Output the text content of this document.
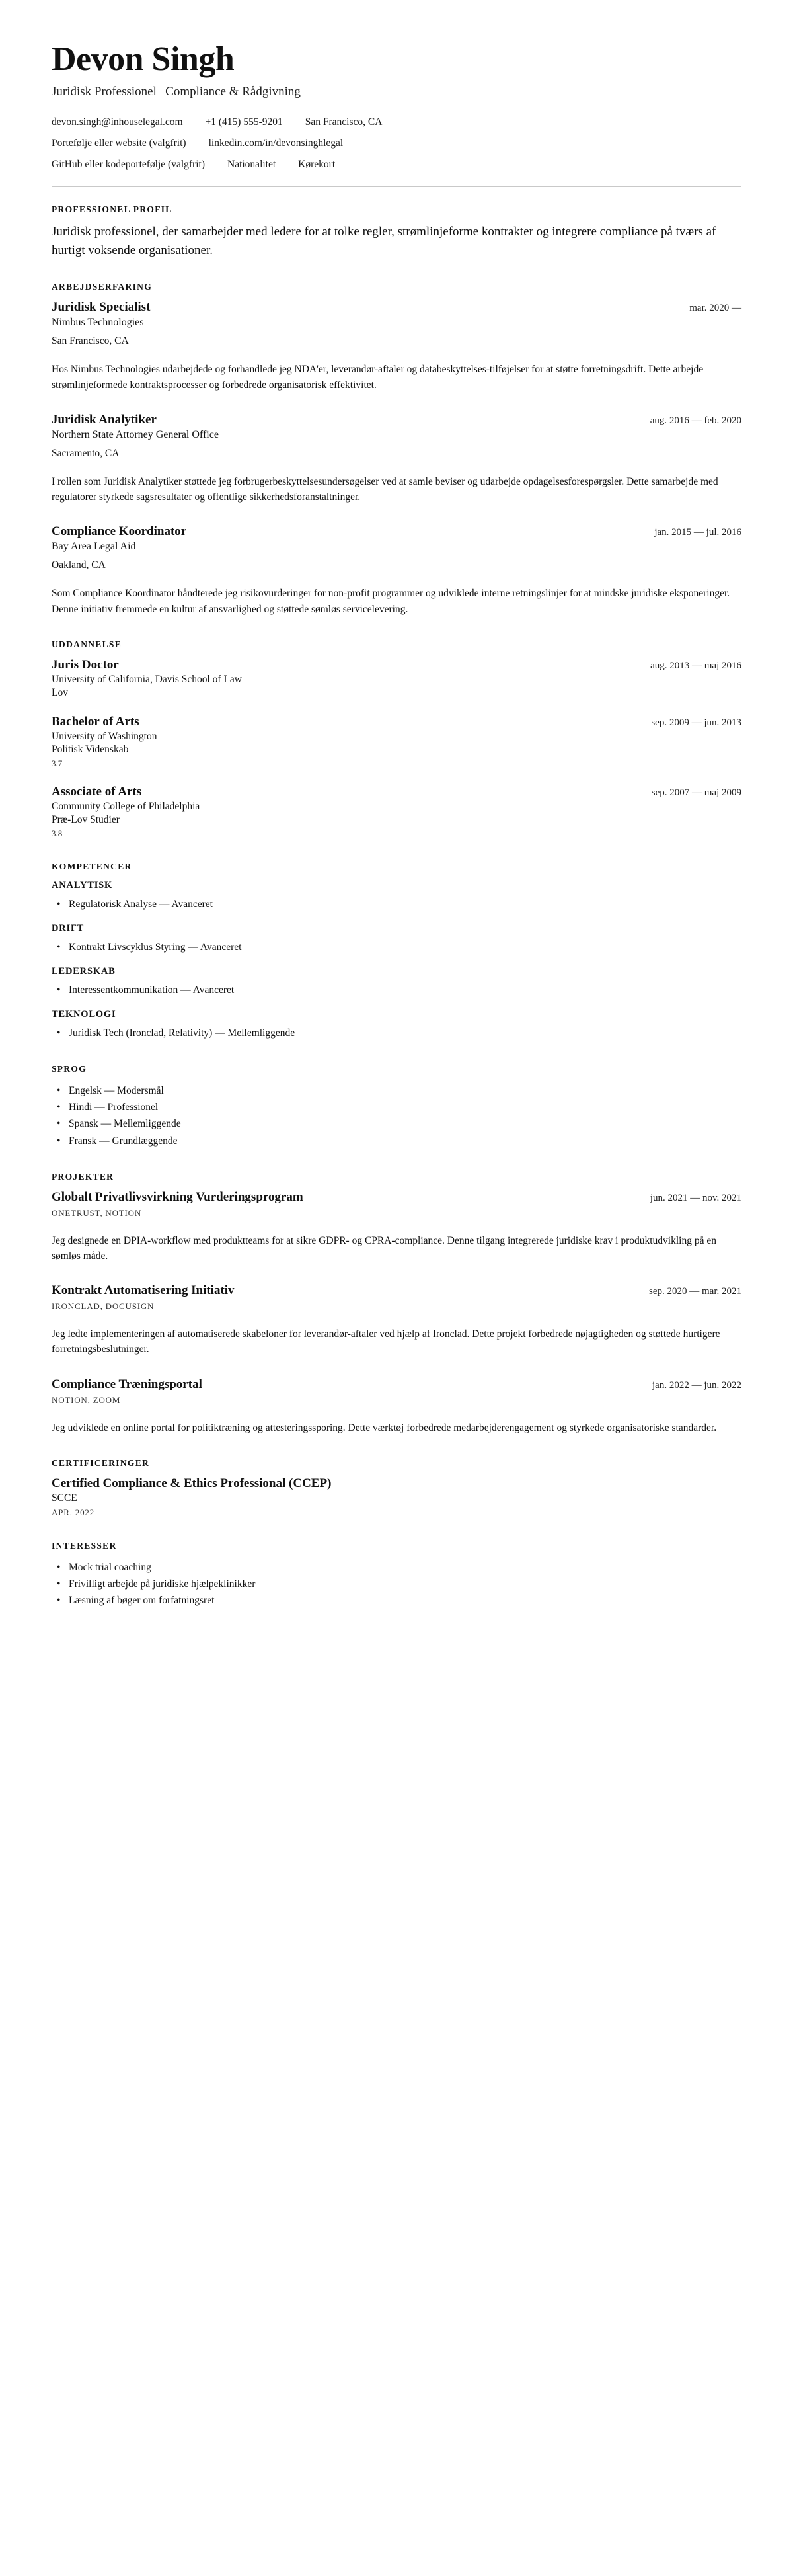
Devon Singh
Juridisk Professionel | Compliance & Rådgivning
devon.singh@inhouselegal.com +1 (415) 555-9201 San Francisco, CA
Portefølje eller website (valgfrit) linkedin.com/in/devonsinghlegal
GitHub eller kodeportefølje (valgfrit) Nationalitet Kørekort
PROFESSIONEL PROFIL

Juridisk professionel, der samarbejder med ledere for at tolke regler, strømlinjeforme kontrakter og integrere compliance på tværs af hurtigt voksende organisationer.

ARBEJDSERFARING
Juridisk Specialist	mar. 2020 —
Nimbus Technologies
San Francisco, CA
Hos Nimbus Technologies udarbejdede og forhandlede jeg NDA'er, leverandør-aftaler og databeskyttelses-tilføjelser for at støtte forretningsdrift. Dette arbejde strømlinjeformede kontraktsprocesser og forbedrede organisatorisk effektivitet.
Juridisk Analytiker	aug. 2016 — feb. 2020
Northern State Attorney General Office
Sacramento, CA
I rollen som Juridisk Analytiker støttede jeg forbrugerbeskyttelsesundersøgelser ved at samle beviser og udarbejde opdagelsesforespørgsler. Dette samarbejde med regulatorer styrkede sagsresultater og offentlige sikkerhedsforanstaltninger.
Compliance Koordinator	jan. 2015 — jul. 2016
Bay Area Legal Aid
Oakland, CA
Som Compliance Koordinator håndterede jeg risikovurderinger for non-profit programmer og udviklede interne retningslinjer for at mindske juridiske eksponeringer. Denne initiativ fremmede en kultur af ansvarlighed og støttede sømløs servicelevering.
UDDANNELSE
Juris Doctor	aug. 2013 — maj 2016
University of California, Davis School of Law
Lov
Bachelor of Arts	sep. 2009 — jun. 2013
University of Washington
Politisk Videnskab
3.7
Associate of Arts	sep. 2007 — maj 2009
Community College of Philadelphia
Præ-Lov Studier
3.8
KOMPETENCER
ANALYTISK
• Regulatorisk Analyse — Avanceret
DRIFT
• Kontrakt Livscyklus Styring — Avanceret
LEDERSKAB
• Interessentkommunikation — Avanceret
TEKNOLOGI
• Juridisk Tech (Ironclad, Relativity) — Mellemliggende
SPROG
• Engelsk — Modersmål
• Hindi — Professionel
• Spansk — Mellemliggende
• Fransk — Grundlæggende
PROJEKTER
Globalt Privatlivsvirkning Vurderingsprogram	jun. 2021 — nov. 2021
ONETRUST, NOTION
Jeg designede en DPIA-workflow med produktteams for at sikre GDPR- og CPRA-compliance. Denne tilgang integrerede juridiske krav i produktudvikling på en sømløs måde.
Kontrakt Automatisering Initiativ	sep. 2020 — mar. 2021
IRONCLAD, DOCUSIGN
Jeg ledte implementeringen af automatiserede skabeloner for leverandør-aftaler ved hjælp af Ironclad. Dette projekt forbedrede nøjagtigheden og støttede hurtigere forretningsbeslutninger.
Compliance Træningsportal	jan. 2022 — jun. 2022
NOTION, ZOOM
Jeg udviklede en online portal for politiktræning og attesteringssporing. Dette værktøj forbedrede medarbejderengagement og styrkede organisatoriske standarder.
CERTIFICERINGER
Certified Compliance & Ethics Professional (CCEP)
SCCE
APR. 2022
INTERESSER
• Mock trial coaching
• Frivilligt arbejde på juridiske hjælpeklinikker
• Læsning af bøger om forfatningsret
